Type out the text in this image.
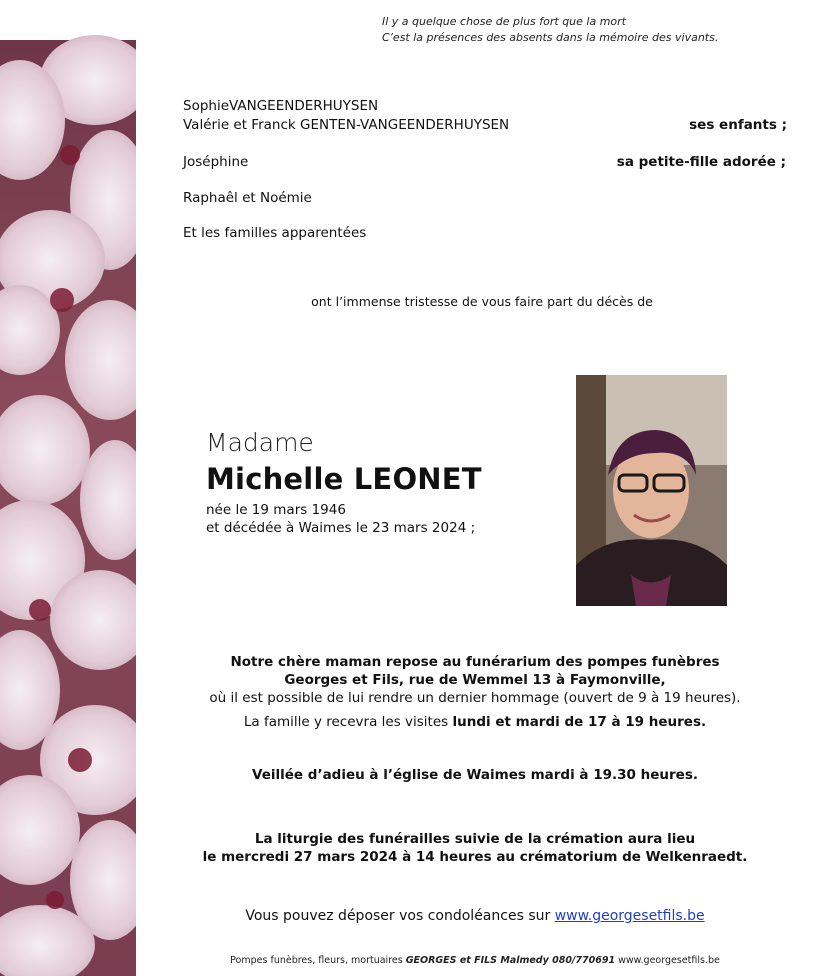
Il y a quelque chose de plus fort que la mort
C’est la présences des absents dans la mémoire des vivants.
SophieVANGEENDERHUYSEN
Valérie et Franck GENTEN-VANGEENDERHUYSEN	ses enfants ;
Joséphine	sa petite-fille adorée ;
Raphaêl et Noémie
Et les familles apparentées
ont l’immense tristesse de vous faire part du décès de
Madame
Michelle LEONET
née le 19 mars 1946
et décédée à Waimes le 23 mars 2024 ;
Notre chère maman repose au funérarium des pompes funèbres
Georges et Fils, rue de Wemmel 13 à Faymonville,
où il est possible de lui rendre un dernier hommage (ouvert de 9 à 19 heures).
La famille y recevra les visites lundi et mardi de 17 à 19 heures.
Veillée d’adieu à l’église de Waimes mardi à 19.30 heures.
La liturgie des funérailles suivie de la crémation aura lieu
le mercredi 27 mars 2024 à 14 heures au crématorium de Welkenraedt.
Vous pouvez déposer vos condoléances sur www.georgesetfils.be
Pompes funèbres, fleurs, mortuaires GEORGES et FILS Malmedy 080/770691 www.georgesetfils.be
